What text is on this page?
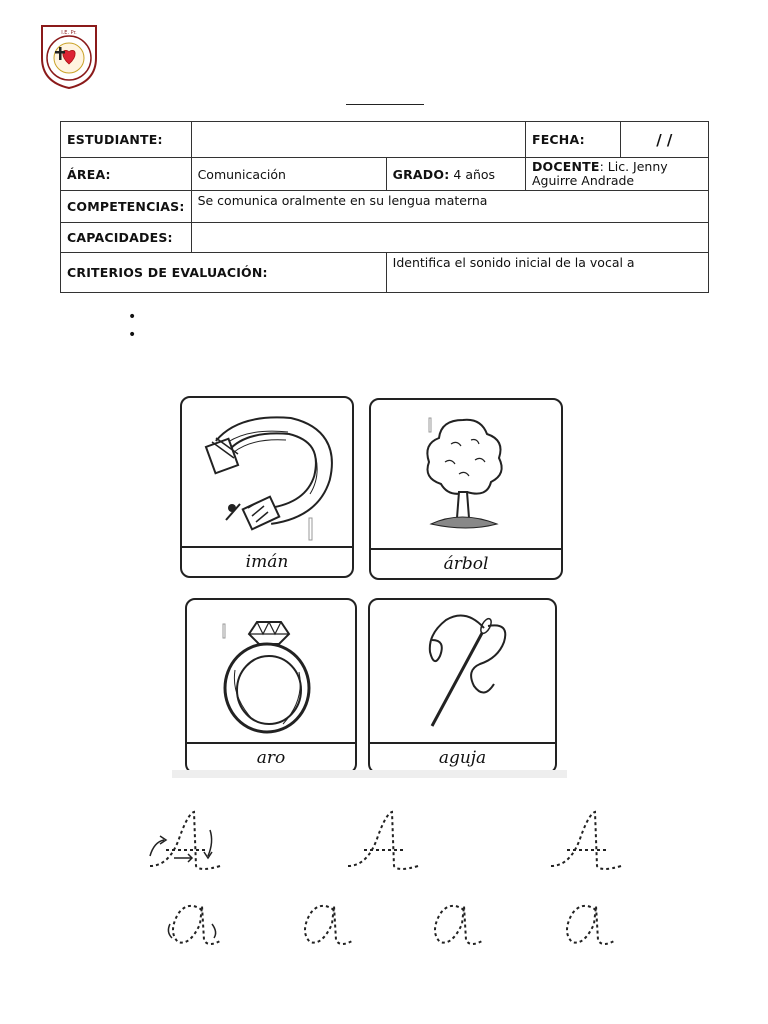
I.E. Pr.
ESTUDIANTE:			FECHA:	/ /
ÁREA:	Comunicación	GRADO: 4 años	DOCENTE: Lic. Jenny Aguirre Andrade	
COMPETENCIAS:	Se comunica oralmente en su lengua materna			
CAPACIDADES:				
CRITERIOS DE EVALUACIÓN:		Identifica el sonido inicial de la vocal a		
•
•
imán	árbol
aro	aguja
